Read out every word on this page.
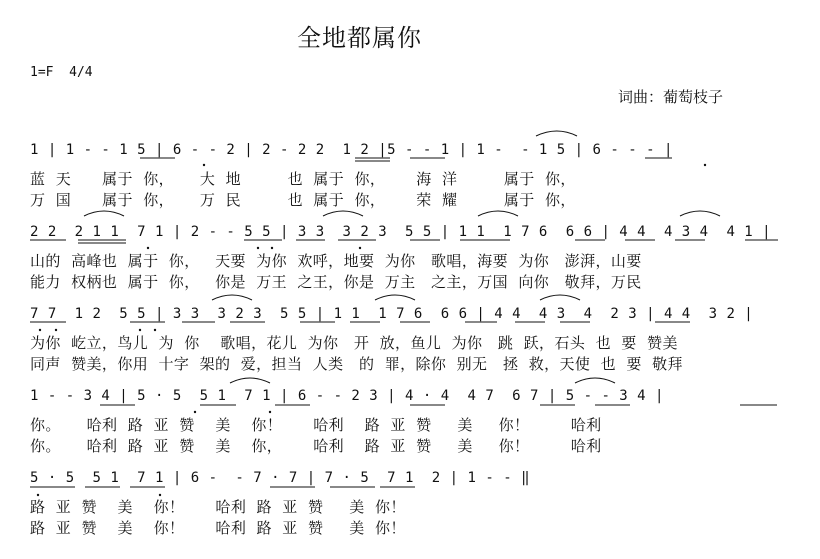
全地都属你
1=F  4/4
词曲：葡萄枝子
1 | 1 - - 1 5 | 6 - - 2 | 2 - 2 2  1 2 |5 - - 1 | 1 -  - 1 5 | 6 - - - |
蓝  天      属于  你，     大  地         也  属于  你，      海  洋         属于  你，
万  国      属于  你，     万  民         也  属于  你，      荣  耀         属于  你，
2 2  2 1 1  7 1 | 2 - - 5 5 | 3 3  3 2 3  5 5 | 1 1  1 7 6  6 6 | 4 4  4 3 4  4 1 |
山的  高峰也  属于  你，   天要  为你  欢呼，地要  为你   歌唱，海要  为你   澎湃，山要
能力  权柄也  属于  你，   你是  万王  之王，你是  万主   之主，万国  向你   敬拜，万民
7 7  1 2  5 5 | 3 3  3 2 3  5 5 | 1 1  1 7 6  6 6 | 4 4  4 3  4  2 3 | 4 4  3 2 |
为你  屹立，鸟儿  为  你    歌唱，花儿  为你   开  放，鱼儿  为你   跳  跃，石头  也  要  赞美
同声  赞美，你用  十字  架的  爱，担当  人类   的  罪，除你  别无   拯  救，天使  也  要  敬拜
1 - - 3 4 | 5 · 5  5 1  7 1 | 6 - - 2 3 | 4 · 4  4 7  6 7 | 5 - - 3 4 |
你。     哈利  路  亚  赞    美    你！      哈利    路  亚  赞     美     你！        哈利
你。     哈利  路  亚  赞    美    你，      哈利    路  亚  赞     美     你！        哈利
5 · 5  5 1  7 1 | 6 -  - 7 · 7 | 7 · 5  7 1  2 | 1 - - ‖
路  亚  赞    美    你！      哈利  路  亚  赞     美  你！
路  亚  赞    美    你！      哈利  路  亚  赞     美  你！
